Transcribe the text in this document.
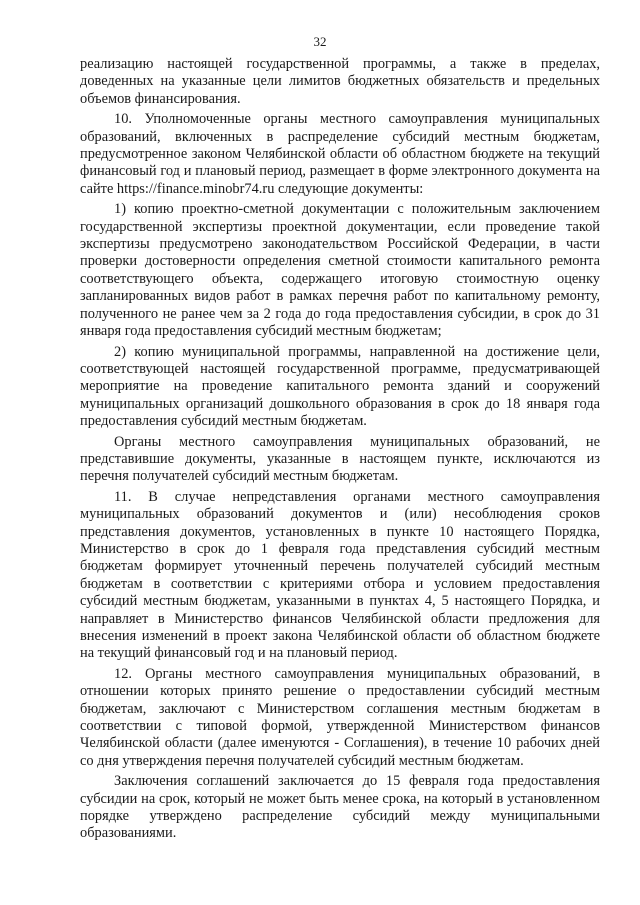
32

реализацию настоящей государственной программы, а также в пределах, доведенных на указанные цели лимитов бюджетных обязательств и предельных объемов финансирования.

10. Уполномоченные органы местного самоуправления муниципальных образований, включенных в распределение субсидий местным бюджетам, предусмотренное законом Челябинской области об областном бюджете на текущий финансовый год и плановый период, размещает в форме электронного документа на сайте https://finance.minobr74.ru следующие документы:

1) копию проектно-сметной документации с положительным заключением государственной экспертизы проектной документации, если проведение такой экспертизы предусмотрено законодательством Российской Федерации, в части проверки достоверности определения сметной стоимости капитального ремонта соответствующего объекта, содержащего итоговую стоимостную оценку запланированных видов работ в рамках перечня работ по капитальному ремонту, полученного не ранее чем за 2 года до года предоставления субсидии, в срок до 31 января года предоставления субсидий местным бюджетам;

2) копию муниципальной программы, направленной на достижение цели, соответствующей настоящей государственной программе, предусматривающей мероприятие на проведение капитального ремонта зданий и сооружений муниципальных организаций дошкольного образования в срок до 18 января года предоставления субсидий местным бюджетам.

Органы местного самоуправления муниципальных образований, не представившие документы, указанные в настоящем пункте, исключаются из перечня получателей субсидий местным бюджетам.

11. В случае непредставления органами местного самоуправления муниципальных образований документов и (или) несоблюдения сроков представления документов, установленных в пункте 10 настоящего Порядка, Министерство в срок до 1 февраля года представления субсидий местным бюджетам формирует уточненный перечень получателей субсидий местным бюджетам в соответствии с критериями отбора и условием предоставления субсидий местным бюджетам, указанными в пунктах 4, 5 настоящего Порядка, и направляет в Министерство финансов Челябинской области предложения для внесения изменений в проект закона Челябинской области об областном бюджете на текущий финансовый год и на плановый период.

12. Органы местного самоуправления муниципальных образований, в отношении которых принято решение о предоставлении субсидий местным бюджетам, заключают с Министерством соглашения местным бюджетам в соответствии с типовой формой, утвержденной Министерством финансов Челябинской области (далее именуются - Соглашения), в течение 10 рабочих дней со дня утверждения перечня получателей субсидий местным бюджетам.

Заключения соглашений заключается до 15 февраля года предоставления субсидии на срок, который не может быть менее срока, на который в установленном порядке утверждено распределение субсидий между муниципальными образованиями.
